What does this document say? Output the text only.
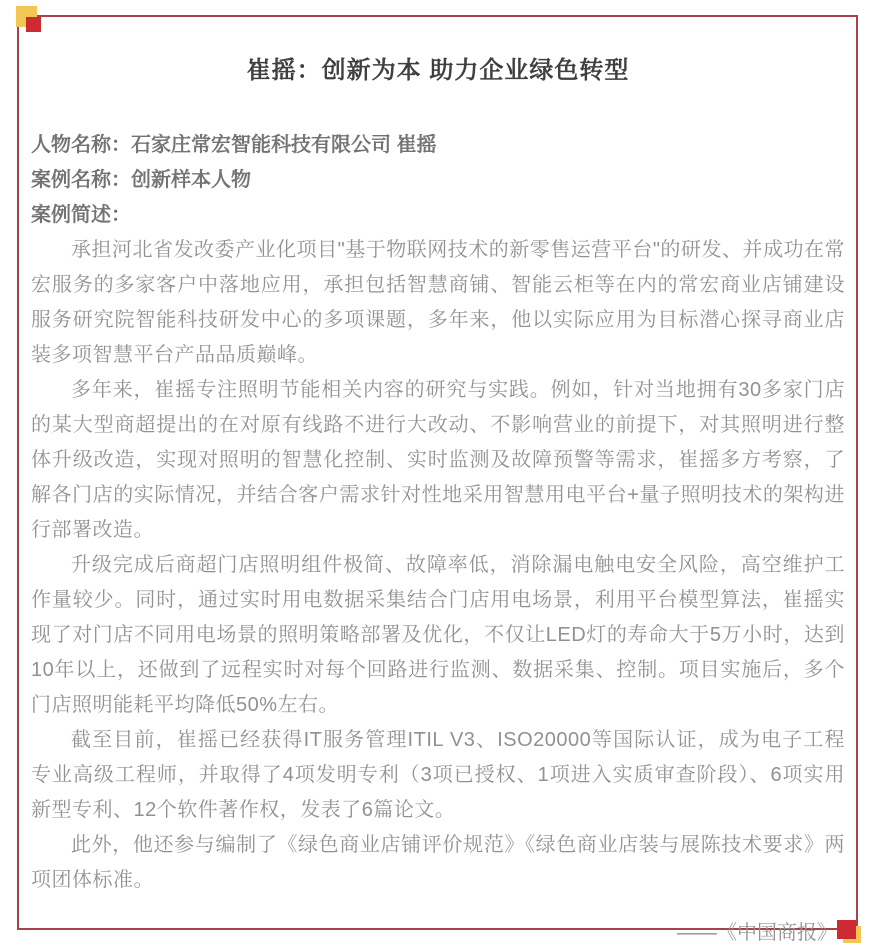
崔摇：创新为本 助力企业绿色转型
人物名称：石家庄常宏智能科技有限公司 崔摇
案例名称：创新样本人物
案例简述：

承担河北省发改委产业化项目"基于物联网技术的新零售运营平台"的研发、并成功在常宏服务的多家客户中落地应用，承担包括智慧商铺、智能云柜等在内的常宏商业店铺建设服务研究院智能科技研发中心的多项课题，多年来，他以实际应用为目标潜心探寻商业店装多项智慧平台产品品质巅峰。

多年来，崔摇专注照明节能相关内容的研究与实践。例如，针对当地拥有30多家门店的某大型商超提出的在对原有线路不进行大改动、不影响营业的前提下，对其照明进行整体升级改造，实现对照明的智慧化控制、实时监测及故障预警等需求，崔摇多方考察，了解各门店的实际情况，并结合客户需求针对性地采用智慧用电平台+量子照明技术的架构进行部署改造。

升级完成后商超门店照明组件极简、故障率低，消除漏电触电安全风险，高空维护工作量较少。同时，通过实时用电数据采集结合门店用电场景，利用平台模型算法，崔摇实现了对门店不同用电场景的照明策略部署及优化，不仅让LED灯的寿命大于5万小时，达到10年以上，还做到了远程实时对每个回路进行监测、数据采集、控制。项目实施后，多个门店照明能耗平均降低50%左右。

截至目前，崔摇已经获得IT服务管理ITIL V3、ISO20000等国际认证，成为电子工程专业高级工程师，并取得了4项发明专利（3项已授权、1项进入实质审查阶段）、6项实用新型专利、12个软件著作权，发表了6篇论文。

此外，他还参与编制了《绿色商业店铺评价规范》《绿色商业店装与展陈技术要求》两项团体标准。

——《中国商报》
